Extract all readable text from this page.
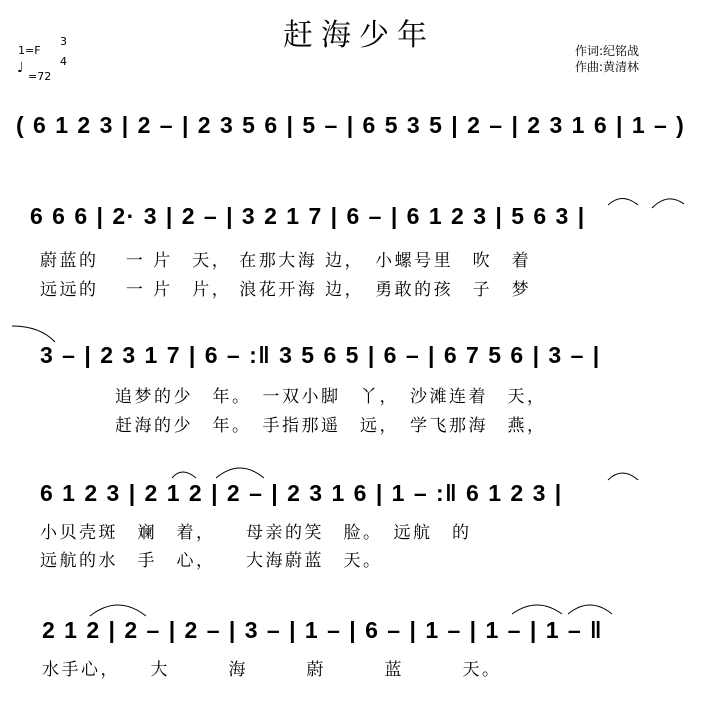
赶海少年
1=F
3
4
♩
=72
作词:纪铭战
作曲:黄清林
( 6 1 2 3 | 2 – | 2 3 5 6 | 5 – | 6 5 3 5 | 2 – | 2 3 1 6 | 1 – )
6 6 6 | 2· 3 | 2 – | 3 2 1 7 | 6 – | 6 1 2 3 | 5 6 3 |
蔚蓝的　 一 片　天， 在那大海 边，　小螺号里　吹　着
远远的　 一 片　片， 浪花开海 边，　勇敢的孩　子　梦
3 – | 2 3 1 7 | 6 – :‖ 3 5 6 5 | 6 – | 6 7 5 6 | 3 – |
追梦的少　年。　一双小脚　丫，　沙滩连着　天，
赶海的少　年。　手指那遥　远，　学飞那海　燕，
6 1 2 3 | 2 1 2 | 2 – | 2 3 1 6 | 1 – :‖ 6 1 2 3 |
小贝壳斑　斓　着，　　母亲的笑　脸。　远航　的
远航的水　手　心，　　大海蔚蓝　天。
2 1 2 | 2 – | 2 – | 3 – | 1 – | 6 – | 1 – | 1 – | 1 – ‖
水手心，　　大　　　海　　　蔚　　　蓝　　　天。
